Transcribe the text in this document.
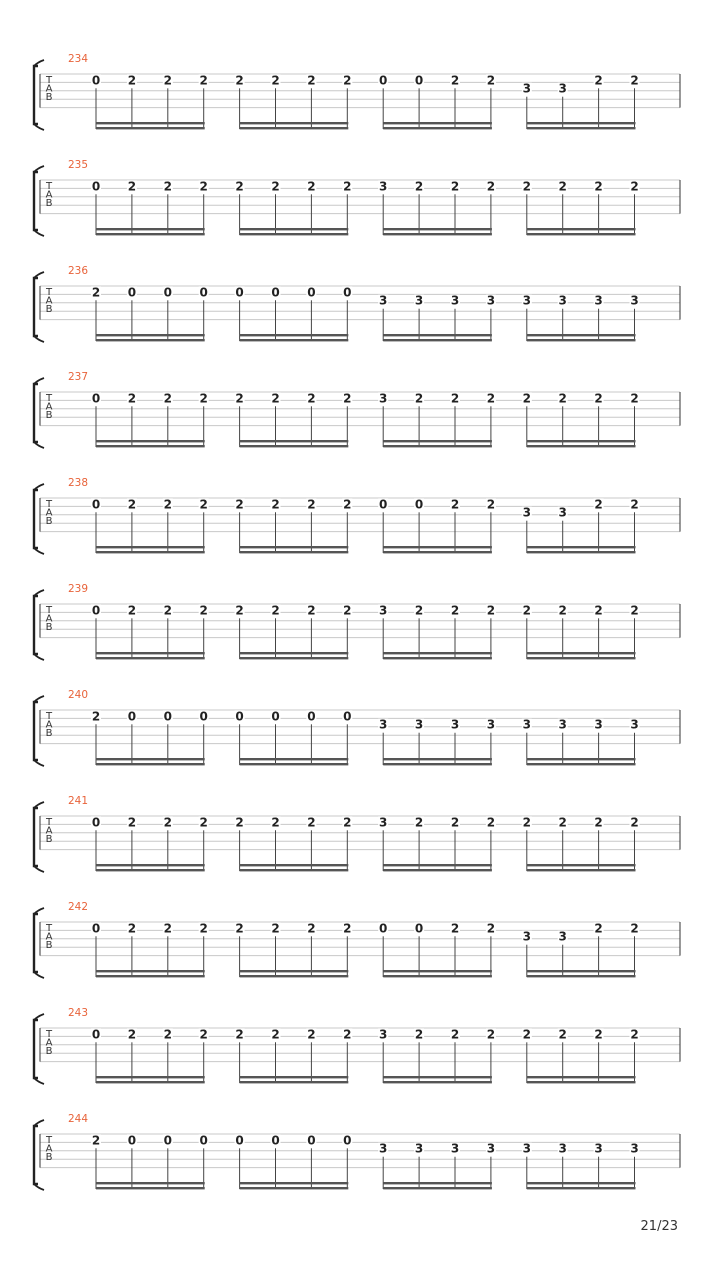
T
A
B
234
0 2 2 2 2 2 2 2 0 0 2 2
3 3
2 2
T
A
B
235
0 2 2 2 2 2 2 2 3 2 2 2 2 2 2 2
T
A
B
236
2 0 0 0 0 0 0 0
3 3 3 3 3 3 3 3
T
A
B
237
0 2 2 2 2 2 2 2 3 2 2 2 2 2 2 2
T
A
B
238
0 2 2 2 2 2 2 2 0 0 2 2
3 3
2 2
T
A
B
239
0 2 2 2 2 2 2 2 3 2 2 2 2 2 2 2
T
A
B
240
2 0 0 0 0 0 0 0
3 3 3 3 3 3 3 3
T
A
B
241
0 2 2 2 2 2 2 2 3 2 2 2 2 2 2 2
T
A
B
242
0 2 2 2 2 2 2 2 0 0 2 2
3 3
2 2
T
A
B
243
0 2 2 2 2 2 2 2 3 2 2 2 2 2 2 2
T
A
B
244
2 0 0 0 0 0 0 0
3 3 3 3 3 3 3 3
21/23
